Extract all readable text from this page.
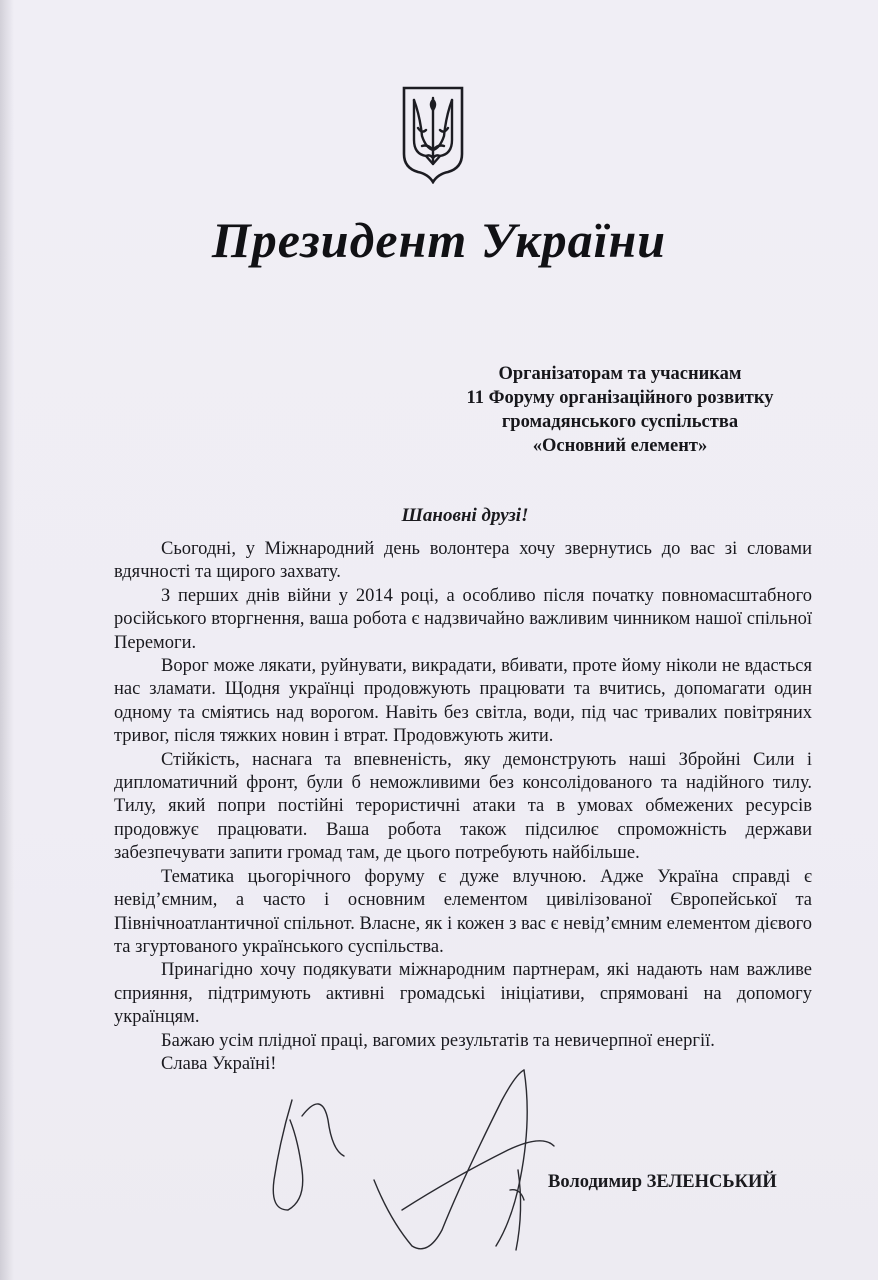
Президент України
Організаторам та учасникам
11 Форуму організаційного розвитку
громадянського суспільства
«Основний елемент»
Шановні друзі!

Сьогодні, у Міжнародний день волонтера хочу звернутись до вас зі словами вдячності та щирого захвату.

З перших днів війни у 2014 році, а особливо після початку повномасштабного російського вторгнення, ваша робота є надзвичайно важливим чинником нашої спільної Перемоги.

Ворог може лякати, руйнувати, викрадати, вбивати, проте йому ніколи не вдасться нас зламати. Щодня українці продовжують працювати та вчитись, допомагати один одному та сміятись над ворогом. Навіть без світла, води, під час тривалих повітряних тривог, після тяжких новин і втрат. Продовжують жити.

Стійкість, наснага та впевненість, яку демонструють наші Збройні Сили і дипломатичний фронт, були б неможливими без консолідованого та надійного тилу. Тилу, який попри постійні терористичні атаки та в умовах обмежених ресурсів продовжує працювати. Ваша робота також підсилює спроможність держави забезпечувати запити громад там, де цього потребують найбільше.

Тематика цьогорічного форуму є дуже влучною. Адже Україна справді є невід’ємним, а часто і основним елементом цивілізованої Європейської та Північноатлантичної спільнот. Власне, як і кожен з вас є невід’ємним елементом дієвого та згуртованого українського суспільства.

Принагідно хочу подякувати міжнародним партнерам, які надають нам важливе сприяння, підтримують активні громадські ініціативи, спрямовані на допомогу українцям.

Бажаю усім плідної праці, вагомих результатів та невичерпної енергії.

Слава Україні!

Володимир ЗЕЛЕНСЬКИЙ
